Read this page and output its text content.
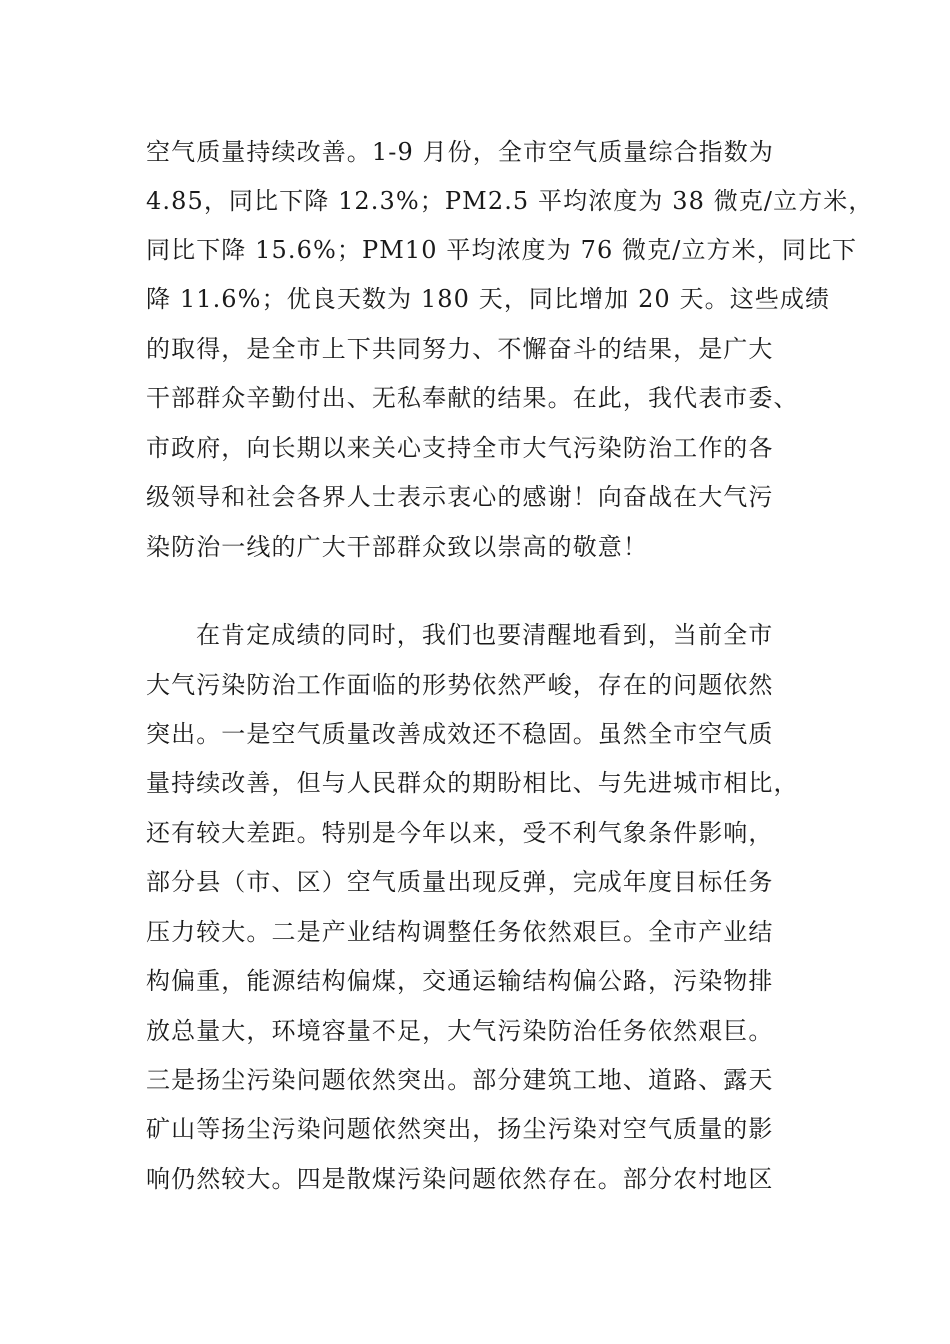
空气质量持续改善。1-9 月份，全市空气质量综合指数为

4.85，同比下降 12.3%；PM2.5 平均浓度为 38 微克/立方米，

同比下降 15.6%；PM10 平均浓度为 76 微克/立方米，同比下

降 11.6%；优良天数为 180 天，同比增加 20 天。这些成绩

的取得，是全市上下共同努力、不懈奋斗的结果，是广大

干部群众辛勤付出、无私奉献的结果。在此，我代表市委、

市政府，向长期以来关心支持全市大气污染防治工作的各

级领导和社会各界人士表示衷心的感谢！向奋战在大气污

染防治一线的广大干部群众致以崇高的敬意！

在肯定成绩的同时，我们也要清醒地看到，当前全市

大气污染防治工作面临的形势依然严峻，存在的问题依然

突出。一是空气质量改善成效还不稳固。虽然全市空气质

量持续改善，但与人民群众的期盼相比、与先进城市相比，

还有较大差距。特别是今年以来，受不利气象条件影响，

部分县（市、区）空气质量出现反弹，完成年度目标任务

压力较大。二是产业结构调整任务依然艰巨。全市产业结

构偏重，能源结构偏煤，交通运输结构偏公路，污染物排

放总量大，环境容量不足，大气污染防治任务依然艰巨。

三是扬尘污染问题依然突出。部分建筑工地、道路、露天

矿山等扬尘污染问题依然突出，扬尘污染对空气质量的影

响仍然较大。四是散煤污染问题依然存在。部分农村地区
